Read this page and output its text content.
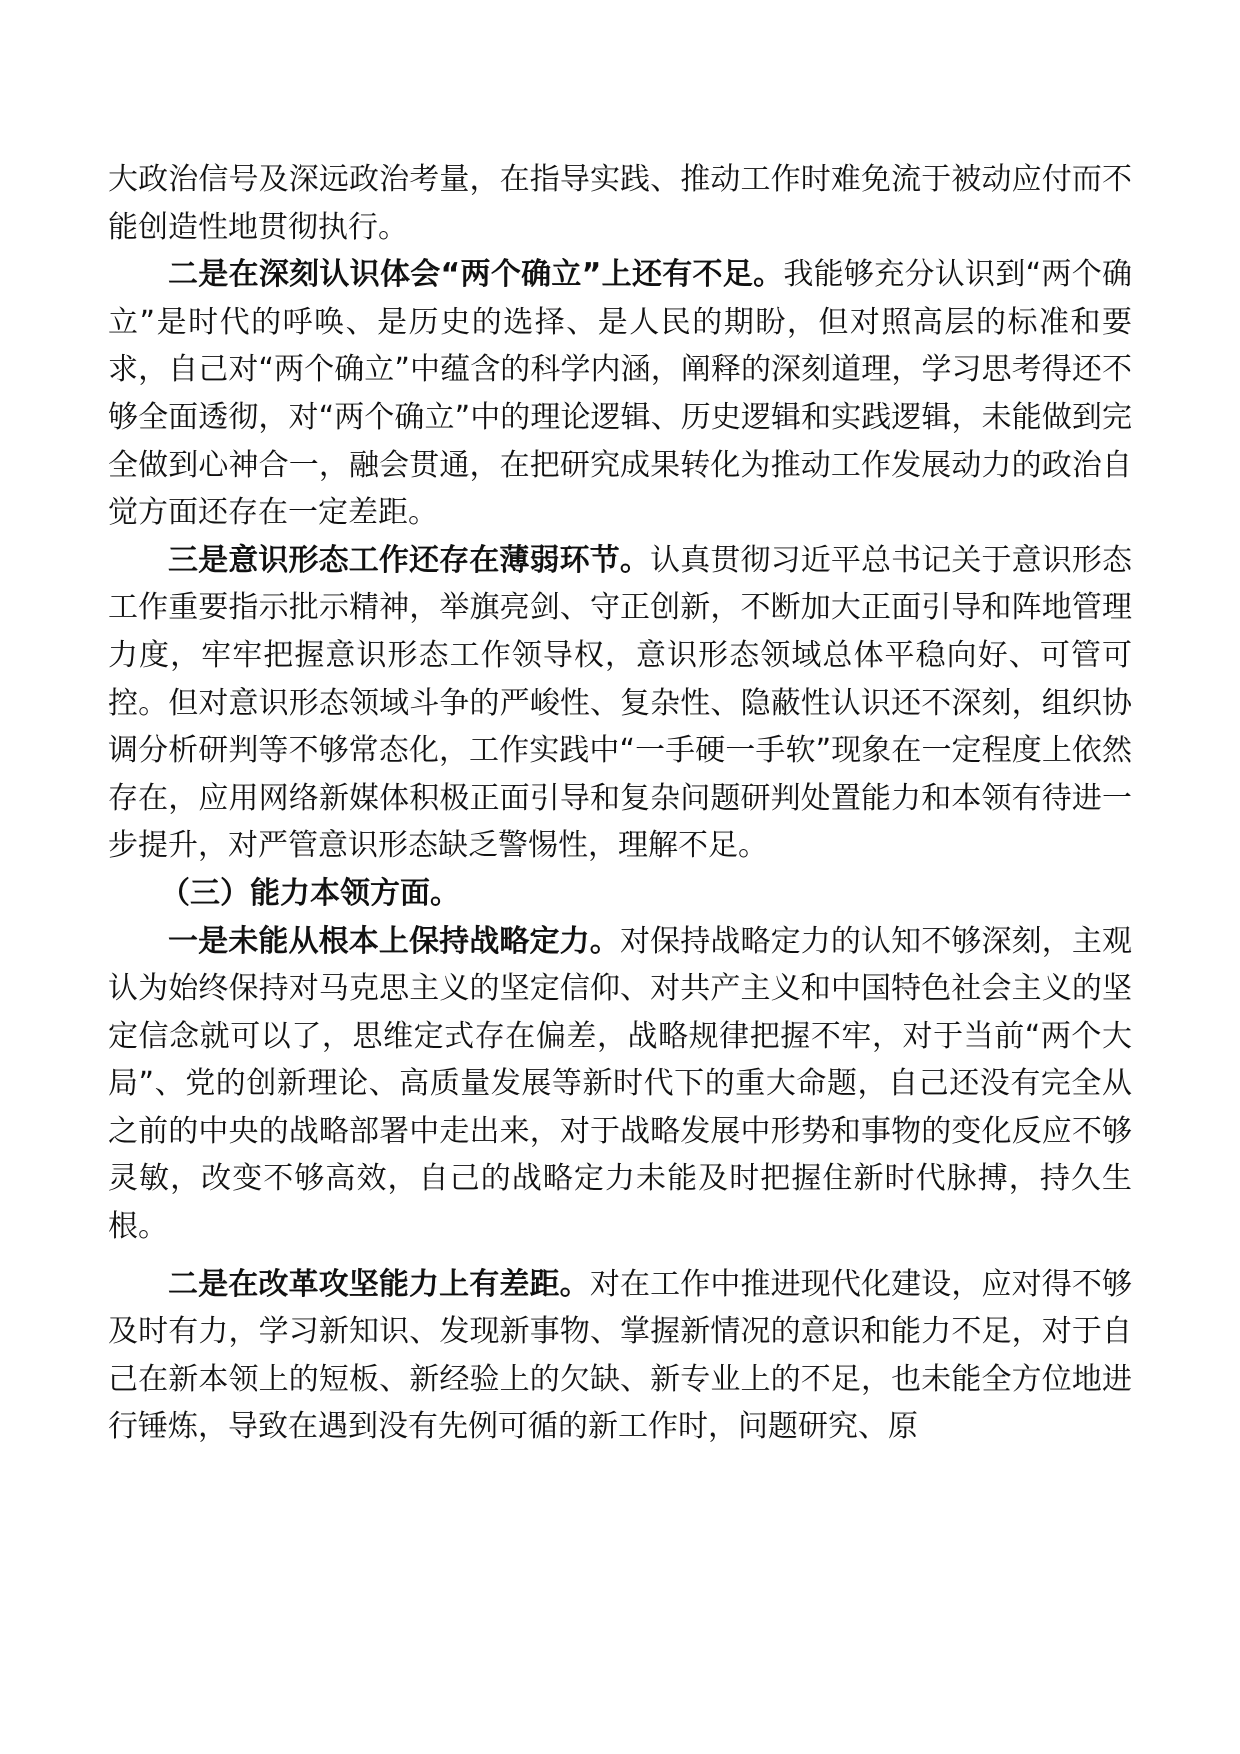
大政治信号及深远政治考量，在指导实践、推动工作时难免流于被动应付而不能创造性地贯彻执行。

二是在深刻认识体会“两个确立”上还有不足。我能够充分认识到“两个确立”是时代的呼唤、是历史的选择、是人民的期盼，但对照高层的标准和要求，自己对“两个确立”中蕴含的科学内涵，阐释的深刻道理，学习思考得还不够全面透彻，对“两个确立”中的理论逻辑、历史逻辑和实践逻辑，未能做到完全做到心神合一，融会贯通，在把研究成果转化为推动工作发展动力的政治自觉方面还存在一定差距。

三是意识形态工作还存在薄弱环节。认真贯彻习近平总书记关于意识形态工作重要指示批示精神，举旗亮剑、守正创新，不断加大正面引导和阵地管理力度，牢牢把握意识形态工作领导权，意识形态领域总体平稳向好、可管可控。但对意识形态领域斗争的严峻性、复杂性、隐蔽性认识还不深刻，组织协调分析研判等不够常态化，工作实践中“一手硬一手软”现象在一定程度上依然存在，应用网络新媒体积极正面引导和复杂问题研判处置能力和本领有待进一步提升，对严管意识形态缺乏警惕性，理解不足。

（三）能力本领方面。

一是未能从根本上保持战略定力。对保持战略定力的认知不够深刻，主观认为始终保持对马克思主义的坚定信仰、对共产主义和中国特色社会主义的坚定信念就可以了，思维定式存在偏差，战略规律把握不牢，对于当前“两个大局”、党的创新理论、高质量发展等新时代下的重大命题，自己还没有完全从之前的中央的战略部署中走出来，对于战略发展中形势和事物的变化反应不够灵敏，改变不够高效，自己的战略定力未能及时把握住新时代脉搏，持久生根。

二是在改革攻坚能力上有差距。对在工作中推进现代化建设，应对得不够及时有力，学习新知识、发现新事物、掌握新情况的意识和能力不足，对于自己在新本领上的短板、新经验上的欠缺、新专业上的不足，也未能全方位地进行锤炼，导致在遇到没有先例可循的新工作时，问题研究、原
